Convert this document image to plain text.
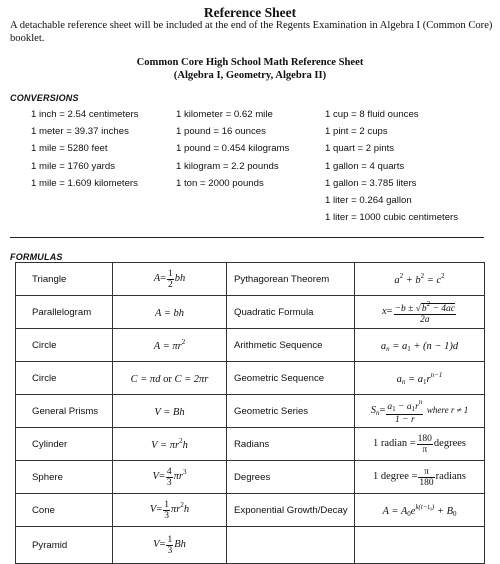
Reference Sheet
A detachable reference sheet will be included at the end of the Regents Examination in Algebra I (Common Core) booklet.
Common Core High School Math Reference Sheet
(Algebra I, Geometry, Algebra II)
CONVERSIONS
1 inch = 2.54 centimeters
1 meter = 39.37 inches
1 mile = 5280 feet
1 mile = 1760 yards
1 mile = 1.609 kilometers
1 kilometer = 0.62 mile
1 pound = 16 ounces
1 pound = 0.454 kilograms
1 kilogram = 2.2 pounds
1 ton = 2000 pounds
1 cup = 8 fluid ounces
1 pint = 2 cups
1 quart = 2 pints
1 gallon = 4 quarts
1 gallon = 3.785 liters
1 liter = 0.264 gallon
1 liter = 1000 cubic centimeters
FORMULAS
Triangle	$A= \frac{1}{2}$ bh	Pythagorean Theorem	$a^2 + b^2 = c^2$
Parallelogram	A = bh	Quadratic Formula	$x= \frac{-b \pm √b^2 - 4ac}{2a}$

Circle	$A = \pi r^2$	Arithmetic Sequence	$a_n = a_1 + (n - 1)d$
Circle	C = πd or C = 2πr	Geometric Sequence	$a_n = a_1r^{n-1}$
General Prisms	V = Bh	Geometric Series	$S_n= \frac{a_1 - a_1r^n}{1 - r}$ where r ≠ 1
Cylinder	$V = \pi r^2h$	Radians	1 radian = $\frac{180}{\pi}$ degrees
Sphere	$V= \frac{4}{3} \pi r^3$	Degrees	1 degree = $\frac{\pi}{180}$ radians
Cone	$V= \frac{1}{3} \pi r^2h$	Exponential Growth/Decay	$A = A_0e^{k(t-t_0)} + B_0$
Pyramid	$V= \frac{1}{3}$ Bh		
